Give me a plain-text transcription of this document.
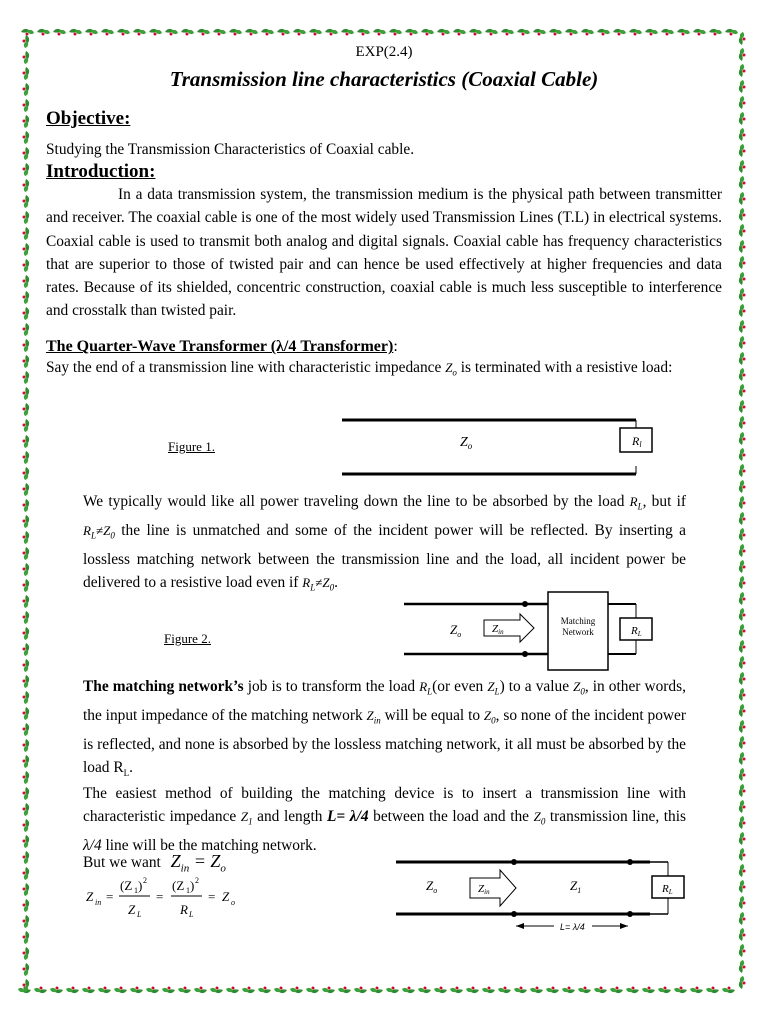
EXP(2.4)
Transmission line characteristics (Coaxial Cable)
Objective:
Studying the Transmission Characteristics of Coaxial cable.
Introduction:
In a data transmission system, the transmission medium is the physical path between transmitter and receiver. The coaxial cable is one of the most widely used Transmission Lines (T.L) in electrical systems. Coaxial cable is used to transmit both analog and digital signals. Coaxial cable has frequency characteristics that are superior to those of twisted pair and can hence be used effectively at higher frequencies and data rates. Because of its shielded, concentric construction, coaxial cable is much less susceptible to interference and crosstalk than twisted pair.
The Quarter-Wave Transformer (λ/4 Transformer):
Say the end of a transmission line with characteristic impedance $Z_o$ is terminated with a resistive load:
Figure 1.	Rl
$Z_o$
We typically would like all power traveling down the line to be absorbed by the load $R_L$, but if $R_L\ne Z_0$ the line is unmatched and some of the incident power will be reflected. By inserting a lossless matching network between the transmission line and the load, all incident power be delivered to a resistive load even if $R_L\ne Z_0$.
Figure 2.
Matching
Network	RL
Zin
$Z_o$
The matching network’s job is to transform the load $R_L(or$ even $Z_L$) to a value $Z_0$, in other words, the input impedance of the matching network $Z_{in}$ will be equal to $Z_0$, so none of the incident power is reflected, and none is absorbed by the lossless matching network, it all must be absorbed by the load $R_L$.
The easiest method of building the matching device is to insert a transmission line with characteristic impedance $Z_1$ and length L= λ/4 between the load and the $Z_0$ transmission line, this λ/4 line will be the matching network.
But we want $Z_{in} = Z_o$
Z in =
(Z 1 ) 2
Z L
=
(Z 1 ) 2
R L
= Z o
RL
Zin
$Z_o$	$Z_1$
L= λ/4
